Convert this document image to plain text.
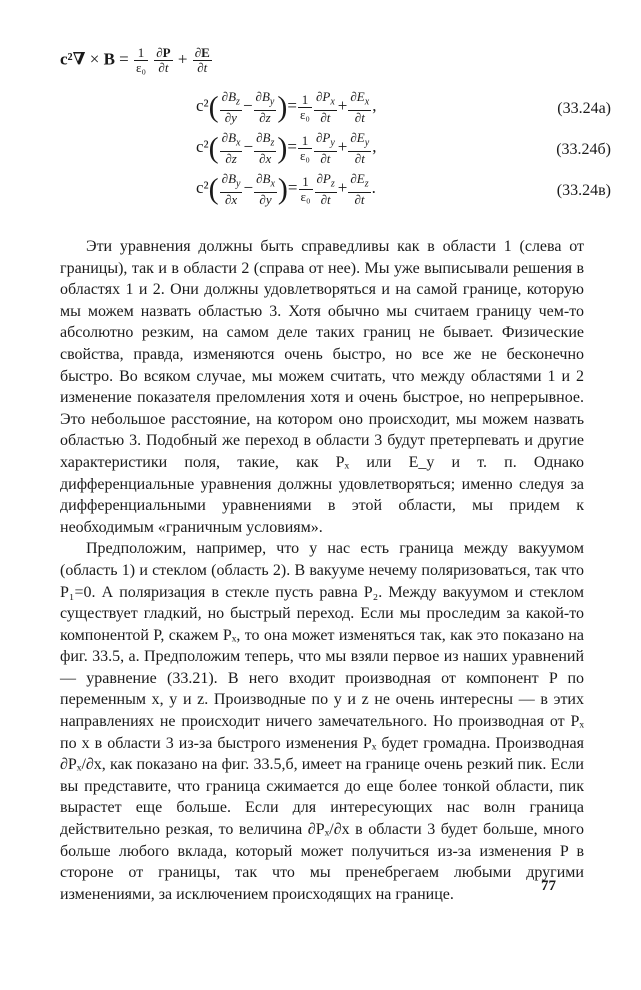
$c^2\nabla \times B = \frac{1}{\text{ε₀}}$
$\frac{\partial P}{\partial t} + \frac{\partial E}{\partial t}$
$c^2( \frac{\partial B_z}{\partial y} - \frac{\partial B_y}{\partial z}$ )= $\frac{1}{\text{ε₀}} \frac{\partial P_x}{\partial t} + \frac{\partial E_x}{\partial t}$ ,	(33.24а)
$c^2( \frac{\partial B_x}{\partial z} - \frac{\partial B_z}{\partial x}$ )= $\frac{1}{\text{ε₀}} \frac{\partial P_y}{\partial t} + \frac{\partial E_y}{\partial t}$ ,	(33.24б)
$c^2( \frac{\partial B_y}{\partial x} - \frac{\partial B_x}{\partial y}$ )= $\frac{1}{\text{ε₀}} \frac{\partial P_z}{\partial t} + \frac{\partial E_z}{\partial t}$ .	(33.24в)

Эти уравнения должны быть справедливы как в области 1 (слева от границы), так и в области 2 (справа от нее). Мы уже выписывали решения в областях 1 и 2. Они должны удовлетворяться и на самой границе, которую мы можем назвать областью 3. Хотя обычно мы считаем границу чем-то абсолютно резким, на самом деле таких границ не бывает. Физические свойства, правда, изменяются очень быстро, но все же не бесконечно быстро. Во всяком случае, мы можем считать, что между областями 1 и 2 изменение показателя преломления хотя и очень быстрое, но непрерывное. Это небольшое расстояние, на котором оно происходит, мы можем назвать областью 3. Подобный же переход в области 3 будут претерпевать и другие характеристики поля, такие, как Pₓ или E_y и т. п. Однако дифференциальные уравнения должны удовлетворяться; именно следуя за дифференциальными уравнениями в этой области, мы придем к необходимым «граничным условиям».

Предположим, например, что у нас есть граница между вакуумом (область 1) и стеклом (область 2). В вакууме нечему поляризоваться, так что P₁=0. А поляризация в стекле пусть равна P₂. Между вакуумом и стеклом существует гладкий, но быстрый переход. Если мы проследим за какой-то компонентой P, скажем Pₓ, то она может изменяться так, как это показано на фиг. 33.5, а. Предположим теперь, что мы взяли первое из наших уравнений — уравнение (33.21). В него входит производная от компонент P по переменным x, y и z. Производные по y и z не очень интересны — в этих направлениях не происходит ничего замечательного. Но производная от Pₓ по x в области 3 из-за быстрого изменения Pₓ будет громадна. Производная ∂Pₓ/∂x, как показано на фиг. 33.5,б, имеет на границе очень резкий пик. Если вы представите, что граница сжимается до еще более тонкой области, пик вырастет еще больше. Если для интересующих нас волн граница действительно резкая, то величина ∂Pₓ/∂x в области 3 будет больше, много больше любого вклада, который может получиться из-за изменения P в стороне от границы, так что мы пренебрегаем любыми другими изменениями, за исключением происходящих на границе.	77
